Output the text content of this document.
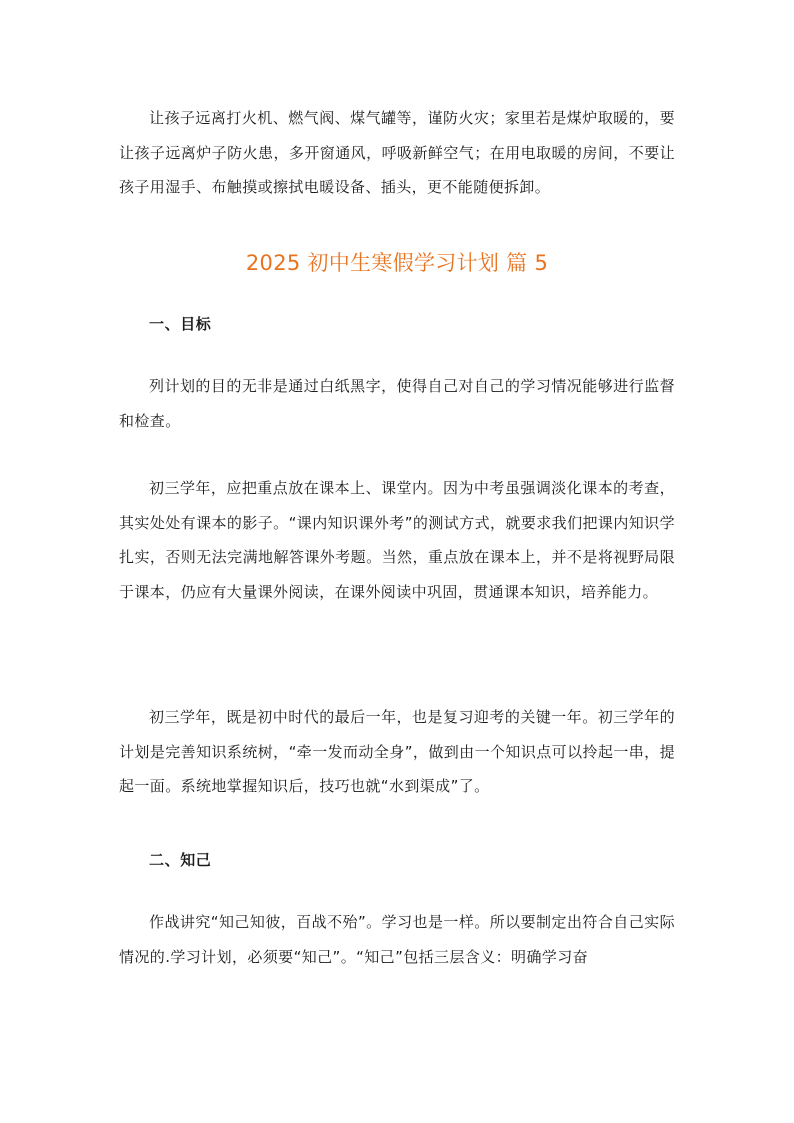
让孩子远离打火机、燃气阀、煤气罐等，谨防火灾；家里若是煤炉取暖的，要让孩子远离炉子防火患，多开窗通风，呼吸新鲜空气；在用电取暖的房间，不要让孩子用湿手、布触摸或擦拭电暖设备、插头，更不能随便拆卸。

2025 初中生寒假学习计划 篇 5
一、目标

列计划的目的无非是通过白纸黑字，使得自己对自己的学习情况能够进行监督和检查。

初三学年，应把重点放在课本上、课堂内。因为中考虽强调淡化课本的考查，其实处处有课本的影子。“课内知识课外考”的测试方式，就要求我们把课内知识学扎实，否则无法完满地解答课外考题。当然，重点放在课本上，并不是将视野局限于课本，仍应有大量课外阅读，在课外阅读中巩固，贯通课本知识，培养能力。

初三学年，既是初中时代的最后一年，也是复习迎考的关键一年。初三学年的计划是完善知识系统树，“牵一发而动全身”，做到由一个知识点可以拎起一串，提起一面。系统地掌握知识后，技巧也就“水到渠成”了。

二、知己

作战讲究“知己知彼，百战不殆”。学习也是一样。所以要制定出符合自己实际情况的.学习计划，必须要“知己”。“知己”包括三层含义：明确学习奋
